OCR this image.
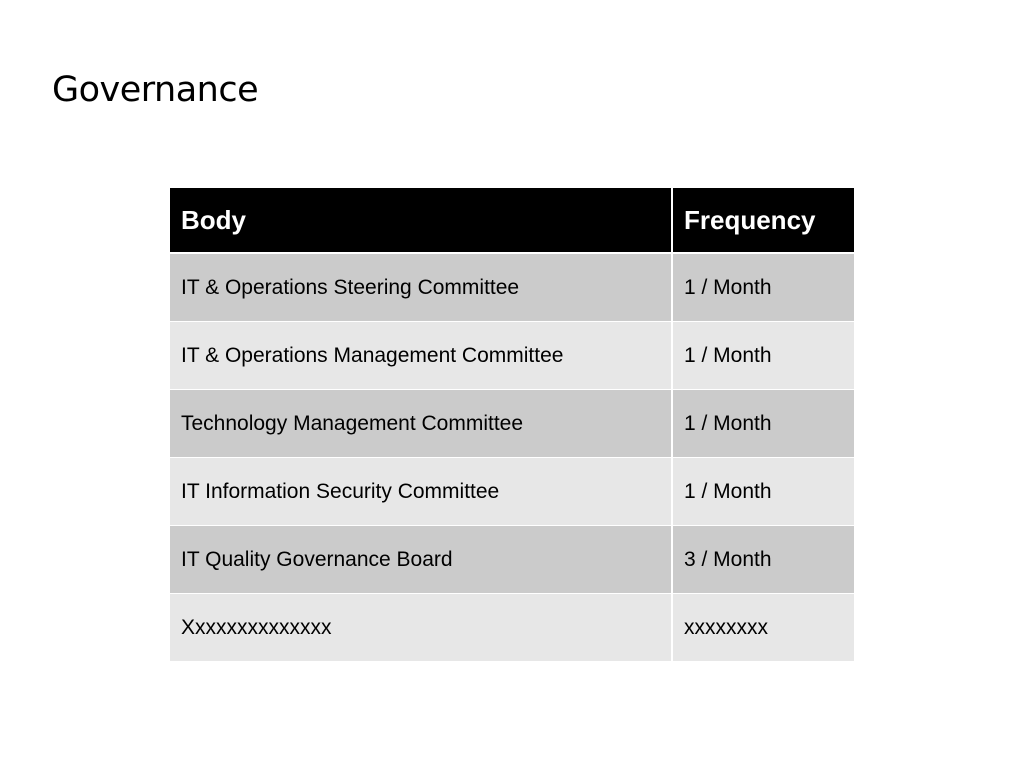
Governance
Body	Frequency
IT & Operations Steering Committee	1 / Month
IT & Operations Management Committee	1 / Month
Technology Management Committee	1 / Month
IT Information Security Committee	1 / Month
IT Quality Governance Board	3 / Month
Xxxxxxxxxxxxxx	xxxxxxxx
